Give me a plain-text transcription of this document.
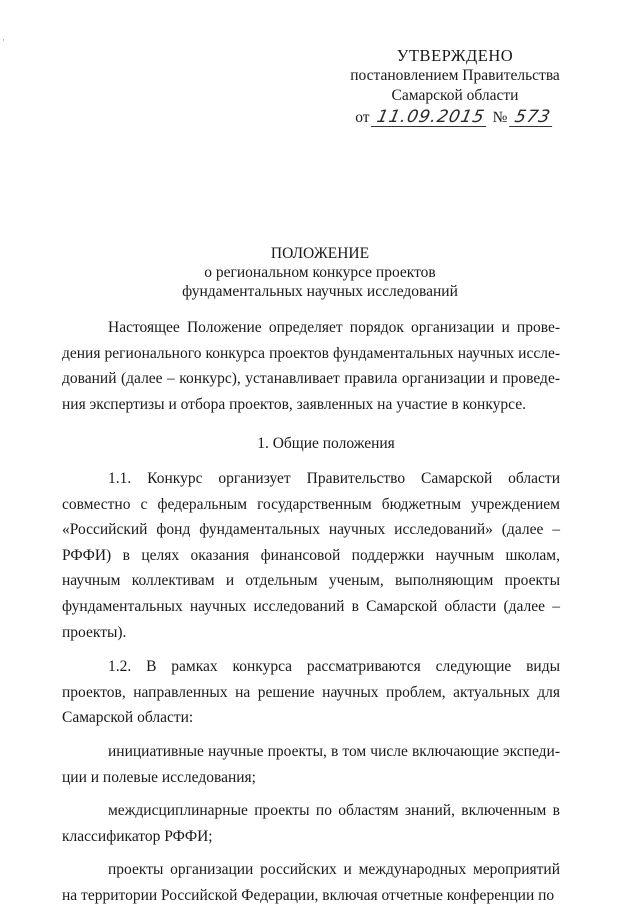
·
УТВЕРЖДЕНО
постановлением Правительства
Самарской области
от 11.09.2015 № 573
ПОЛОЖЕНИЕ
о региональном конкурсе проектов
фундаментальных научных исследований

Настоящее Положение определяет порядок организации и проведения регионального конкурса проектов фундаментальных научных исследований (далее – конкурс), устанавливает правила организации и проведения экспертизы и отбора проектов, заявленных на участие в конкурсе.

1. Общие положения

1.1. Конкурс организует Правительство Самарской области совместно с федеральным государственным бюджетным учреждением «Российский фонд фундаментальных научных исследований» (далее – РФФИ) в целях оказания финансовой поддержки научным школам, научным коллективам и отдельным ученым, выполняющим проекты фундаментальных научных исследований в Самарской области (далее – проекты).

1.2. В рамках конкурса рассматриваются следующие виды проектов, направленных на решение научных проблем, актуальных для Самарской области:

инициативные научные проекты, в том числе включающие экспедиции и полевые исследования;

междисциплинарные проекты по областям знаний, включенным в классификатор РФФИ;

проекты организации российских и международных мероприятий на территории Российской Федерации, включая отчетные конференции по
